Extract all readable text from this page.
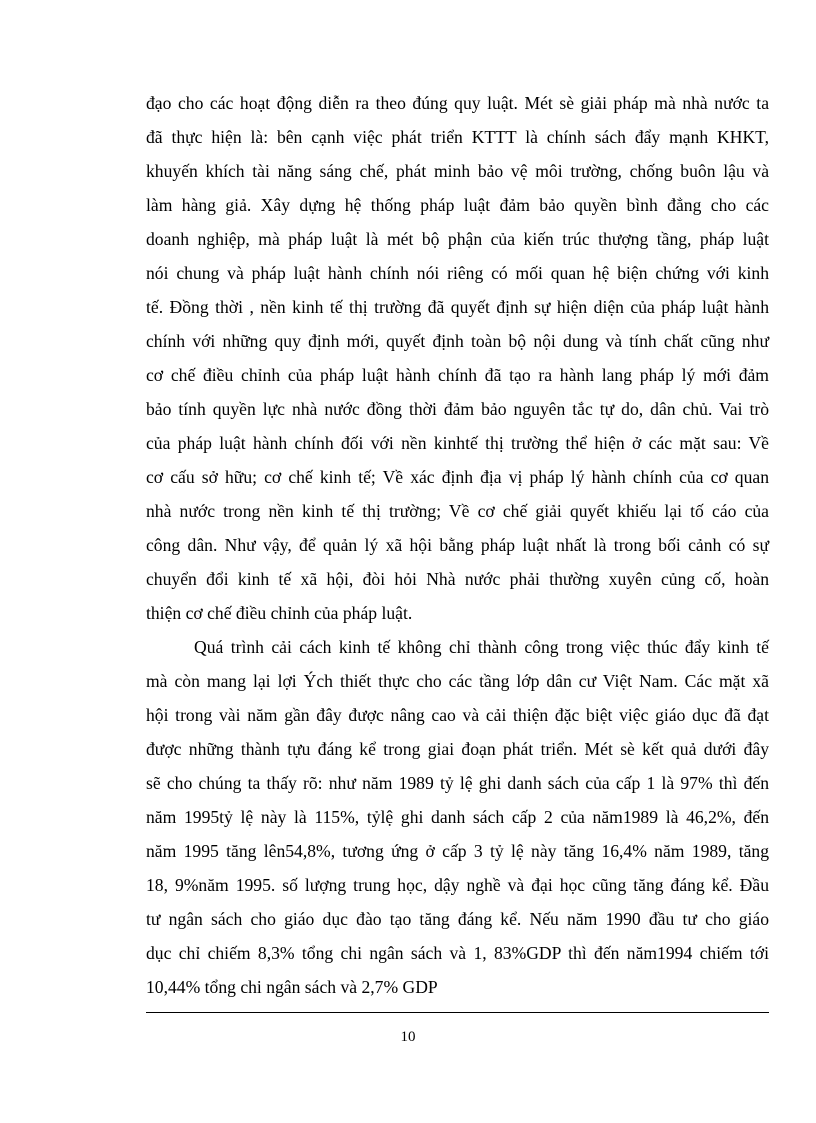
đạo cho các hoạt động diễn ra theo đúng quy luật. Mét sè giải pháp mà nhà nước ta
đã thực hiện là: bên cạnh việc phát triển KTTT là chính sách đẩy mạnh KHKT,
khuyến khích tài năng sáng chế, phát minh bảo vệ môi trường, chống buôn lậu và
làm hàng giả. Xây dựng hệ thống pháp luật đảm bảo quyền bình đẳng cho các
doanh nghiệp, mà pháp luật là mét bộ phận của kiến trúc thượng tầng, pháp luật
nói chung và pháp luật hành chính nói riêng có mối quan hệ biện chứng với kinh
tế. Đồng thời , nền kinh tế thị trường đã quyết định sự hiện diện của pháp luật hành
chính với những quy định mới, quyết định toàn bộ nội dung và tính chất cũng như
cơ chế điều chỉnh của pháp luật hành chính đã tạo ra hành lang pháp lý mới đảm
bảo tính quyền lực nhà nước đồng thời đảm bảo nguyên tắc tự do, dân chủ. Vai trò
của pháp luật hành chính đối với nền kinhtế thị trường thể hiện ở các mặt sau: Về
cơ cấu sở hữu; cơ chế kinh tế; Về xác định địa vị pháp lý hành chính của cơ quan
nhà nước trong nền kinh tế thị trường; Về cơ chế giải quyết khiếu lại tố cáo của
công dân. Như vậy, để quản lý xã hội bằng pháp luật nhất là trong bối cảnh có sự
chuyển đổi kinh tế xã hội, đòi hỏi Nhà nước phải thường xuyên củng cố, hoàn
thiện cơ chế điều chỉnh của pháp luật.

Quá trình cải cách kinh tế không chỉ thành công trong việc thúc đẩy kinh tế
mà còn mang lại lợi Ých thiết thực cho các tầng lớp dân cư Việt Nam. Các mặt xã
hội trong vài năm gần đây được nâng cao và cải thiện đặc biệt việc giáo dục đã đạt
được những thành tựu đáng kể trong giai đoạn phát triển. Mét sè kết quả dưới đây
sẽ cho chúng ta thấy rõ: như năm 1989 tỷ lệ ghi danh sách của cấp 1 là 97% thì đến
năm 1995tỷ lệ này là 115%, tỷlệ ghi danh sách cấp 2 của năm1989 là 46,2%, đến
năm 1995 tăng lên54,8%, tương ứng ở cấp 3 tỷ lệ này tăng 16,4% năm 1989, tăng
18, 9%năm 1995. số lượng trung học, dậy nghề và đại học cũng tăng đáng kể. Đầu
tư ngân sách cho giáo dục đào tạo tăng đáng kể. Nếu năm 1990 đầu tư cho giáo
dục chỉ chiếm 8,3% tổng chi ngân sách và 1, 83%GDP thì đến năm1994 chiếm tới
10,44% tổng chi ngân sách và 2,7% GDP

10
